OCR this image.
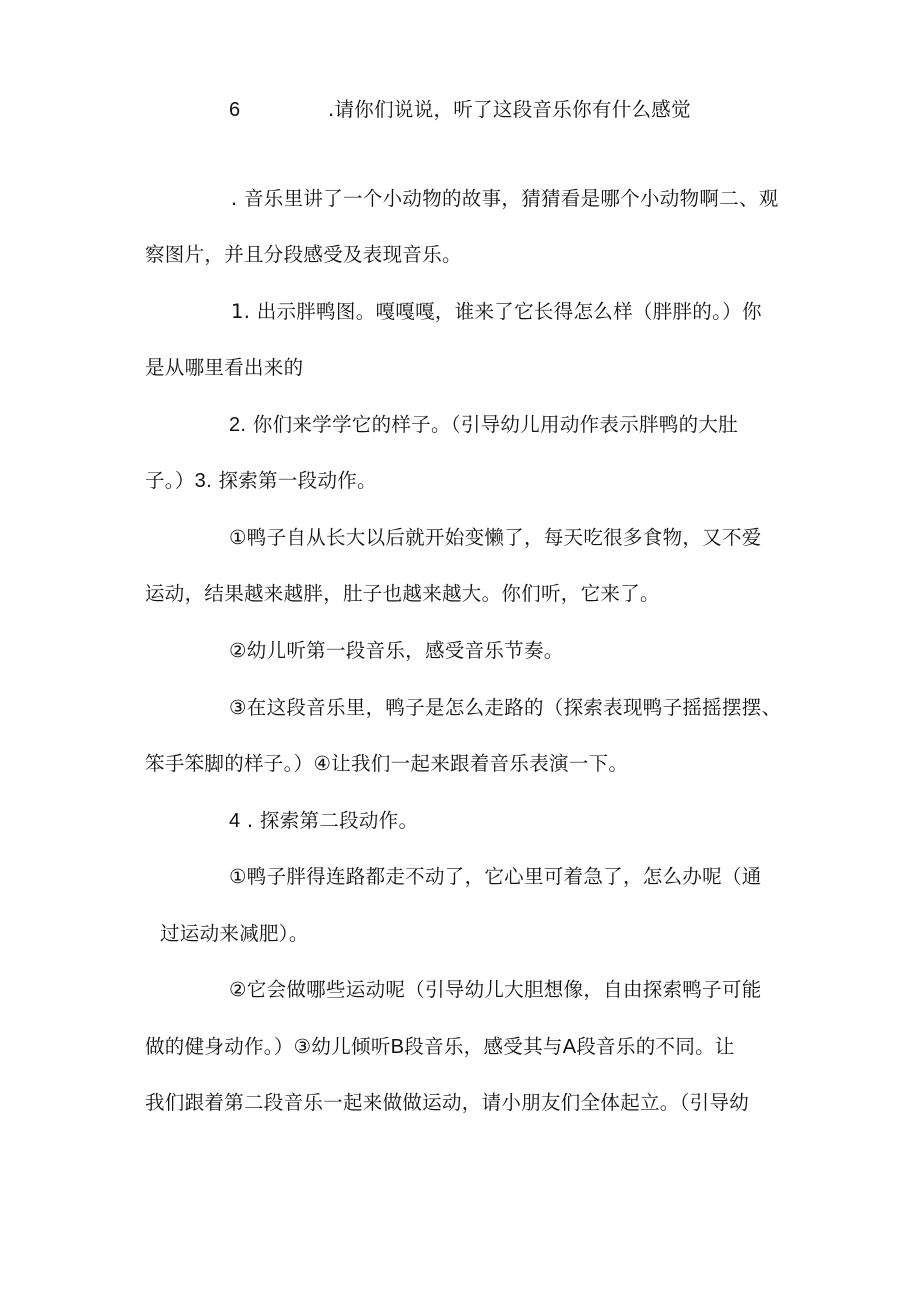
6	.请你们说说，听了这段音乐你有什么感觉

. 音乐里讲了一个小动物的故事，猜猜看是哪个小动物啊二、观

察图片，并且分段感受及表现音乐。

1. 出示胖鸭图。嘎嘎嘎，谁来了它长得怎么样（胖胖的。）你

是从哪里看出来的

2. 你们来学学它的样子。（引导幼儿用动作表示胖鸭的大肚

子。）3. 探索第一段动作。

①鸭子自从长大以后就开始变懒了，每天吃很多食物，又不爱

运动，结果越来越胖，肚子也越来越大。你们听，它来了。

②幼儿听第一段音乐，感受音乐节奏。

③在这段音乐里，鸭子是怎么走路的（探索表现鸭子摇摇摆摆、

笨手笨脚的样子。）④让我们一起来跟着音乐表演一下。

4 . 探索第二段动作。

①鸭子胖得连路都走不动了，它心里可着急了，怎么办呢（通

过运动来减肥）。

②它会做哪些运动呢（引导幼儿大胆想像，自由探索鸭子可能

做的健身动作。）③幼儿倾听B段音乐，感受其与A段音乐的不同。让

我们跟着第二段音乐一起来做做运动，请小朋友们全体起立。（引导幼
